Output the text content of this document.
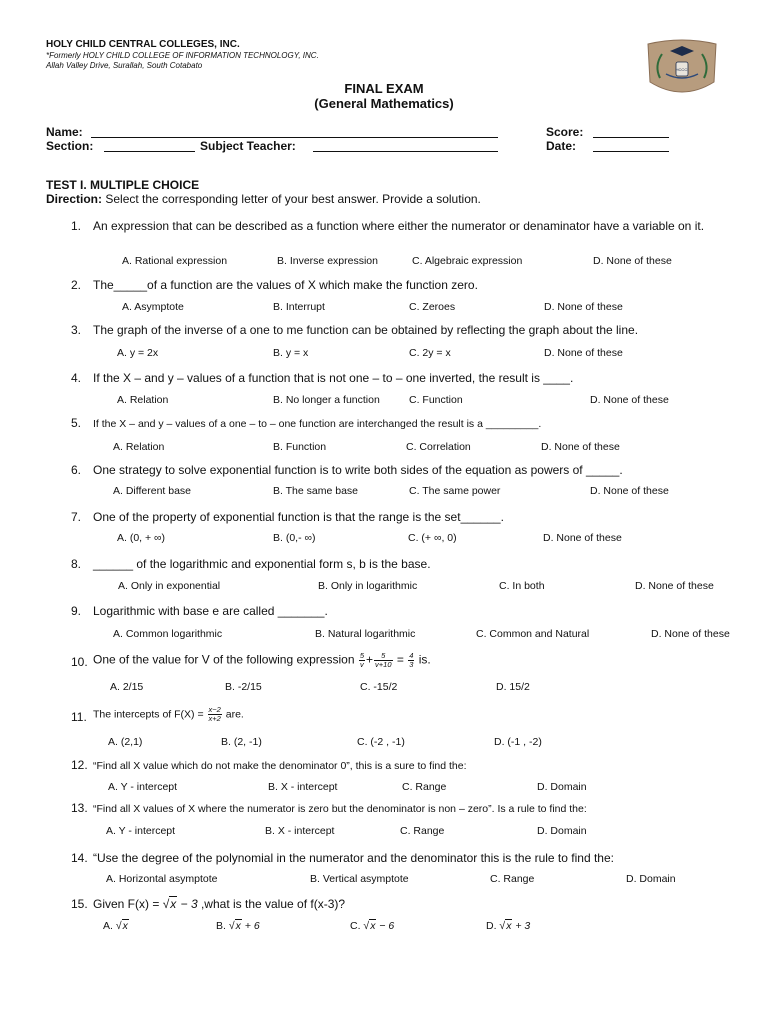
HOLY CHILD CENTRAL COLLEGES, INC.
*Formerly HOLY CHILD COLLEGE OF INFORMATION TECHNOLOGY, INC.
Allah Valley Drive, Surallah, South Cotabato	HCCCI
FINAL EXAM
(General Mathematics)
Name:	Score:
Section:	Subject Teacher:	Date:
TEST I. MULTIPLE CHOICE
Direction: Select the corresponding letter of your best answer. Provide a solution.
1. An expression that can be described as a function where either the numerator or denaminator have a variable on it.
A. Rational expression	B. Inverse expression	C. Algebraic expression	D. None of these
2. The_____of a function are the values of X which make the function zero.
A. Asymptote	B. Interrupt	C. Zeroes	D. None of these
3. The graph of the inverse of a one to me function can be obtained by reflecting the graph about the line.
A. y = 2x	B. y = x	C. 2y = x	D. None of these
4. If the X – and y – values of a function that is not one – to – one inverted, the result is ____.
A. Relation	B. No longer a function	C. Function	D. None of these
5. If the X – and y – values of a one – to – one function are interchanged the result is a _________.
A. Relation	B. Function	C. Correlation	D. None of these
6. One strategy to solve exponential function is to write both sides of the equation as powers of _____.
A. Different base	B. The same base	C. The same power	D. None of these
7. One of the property of exponential function is that the range is the set______.
A. (0, + ∞)	B. (0,- ∞)	C. (+ ∞, 0)	D. None of these
8. ______ of the logarithmic and exponential form s, b is the base.
A. Only in exponential	B. Only in logarithmic	C. In both	D. None of these
9. Logarithmic with base e are called _______.
A. Common logarithmic	B. Natural logarithmic	C. Common and Natural	D. None of these
10. One of the value for V of the following expression $\frac{5}{v} + \frac{5}{v+10} = \frac{4}{3}$ is.
A. 2/15	B. -2/15	C. -15/2	D. 15/2
11. The intercepts of $F(X) = \frac{x-2}{x+2}$ are.
A. (2,1)	B. (2, -1)	C. (-2 , -1)	D. (-1 , -2)
12. “Find all X value which do not make the denominator 0”, this is a sure to find the:
A. Y - intercept	B. X - intercept	C. Range	D. Domain
13. “Find all X values of X where the numerator is zero but the denominator is non – zero”. Is a rule to find the:
A. Y - intercept	B. X - intercept	C. Range	D. Domain
14. “Use the degree of the polynomial in the numerator and the denominator this is the rule to find the:
A. Horizontal asymptote	B. Vertical asymptote	C. Range	D. Domain
15. Given F(x) = √x − 3 ,what is the value of f(x-3)?
A. √x	B. √x + 6	C. √x − 6	D. √x + 3
